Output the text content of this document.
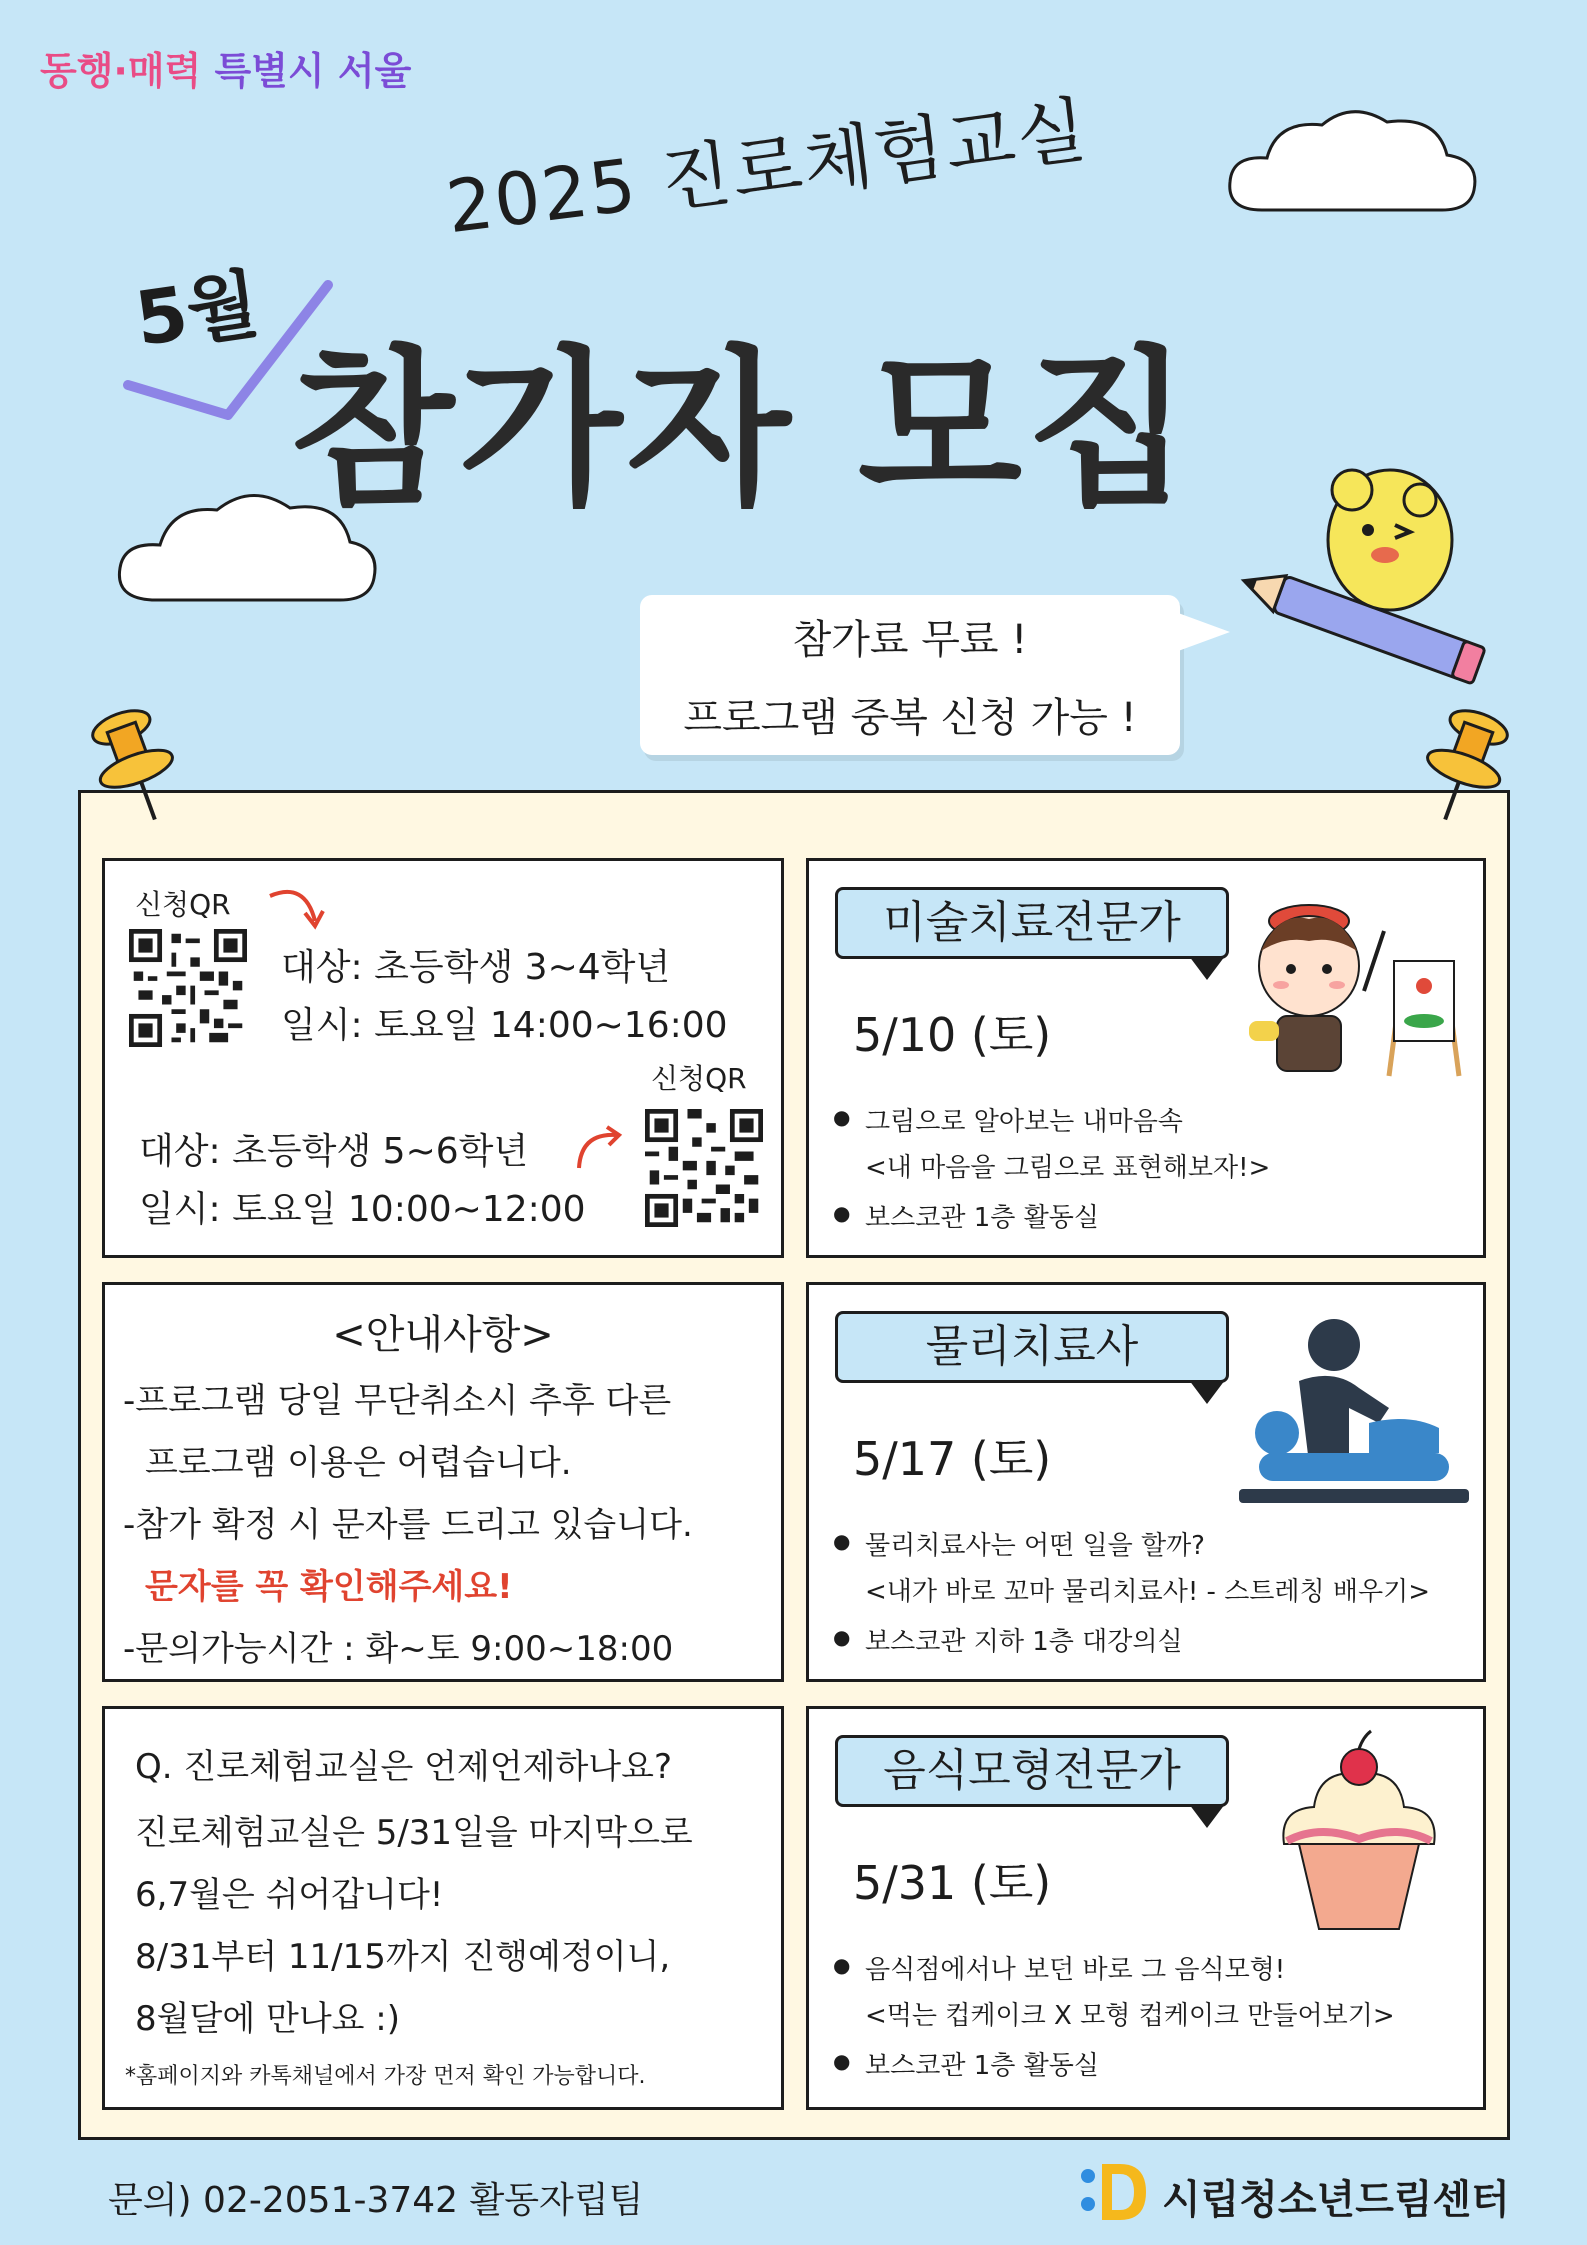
동행·매력 특별시 서울
2025 진로체험교실
5월
참가자 모집
참가료 무료 !
프로그램 중복 신청 가능 !
신청QR
대상: 초등학생 3~4학년
일시: 토요일 14:00~16:00
신청QR
대상: 초등학생 5~6학년
일시: 토요일 10:00~12:00
<안내사항>
-프로그램 당일 무단취소시 추후 다른
프로그램 이용은 어렵습니다.
-참가 확정 시 문자를 드리고 있습니다.
문자를 꼭 확인해주세요!
-문의가능시간 : 화~토 9:00~18:00
Q. 진로체험교실은 언제언제하나요?
진로체험교실은 5/31일을 마지막으로
6,7월은 쉬어갑니다!
8/31부터 11/15까지 진행예정이니,
8월달에 만나요 :)
*홈페이지와 카톡채널에서 가장 먼저 확인 가능합니다.
미술치료전문가
5/10 (토)
● 그림으로 알아보는 내마음속
<내 마음을 그림으로 표현해보자!>
● 보스코관 1층 활동실
물리치료사
5/17 (토)
● 물리치료사는 어떤 일을 할까?
<내가 바로 꼬마 물리치료사! - 스트레칭 배우기>
● 보스코관 지하 1층 대강의실
음식모형전문가
5/31 (토)
● 음식점에서나 보던 바로 그 음식모형!
<먹는 컵케이크 X 모형 컵케이크 만들어보기>
● 보스코관 1층 활동실
문의) 02-2051-3742 활동자립팀	시립청소년드림센터
